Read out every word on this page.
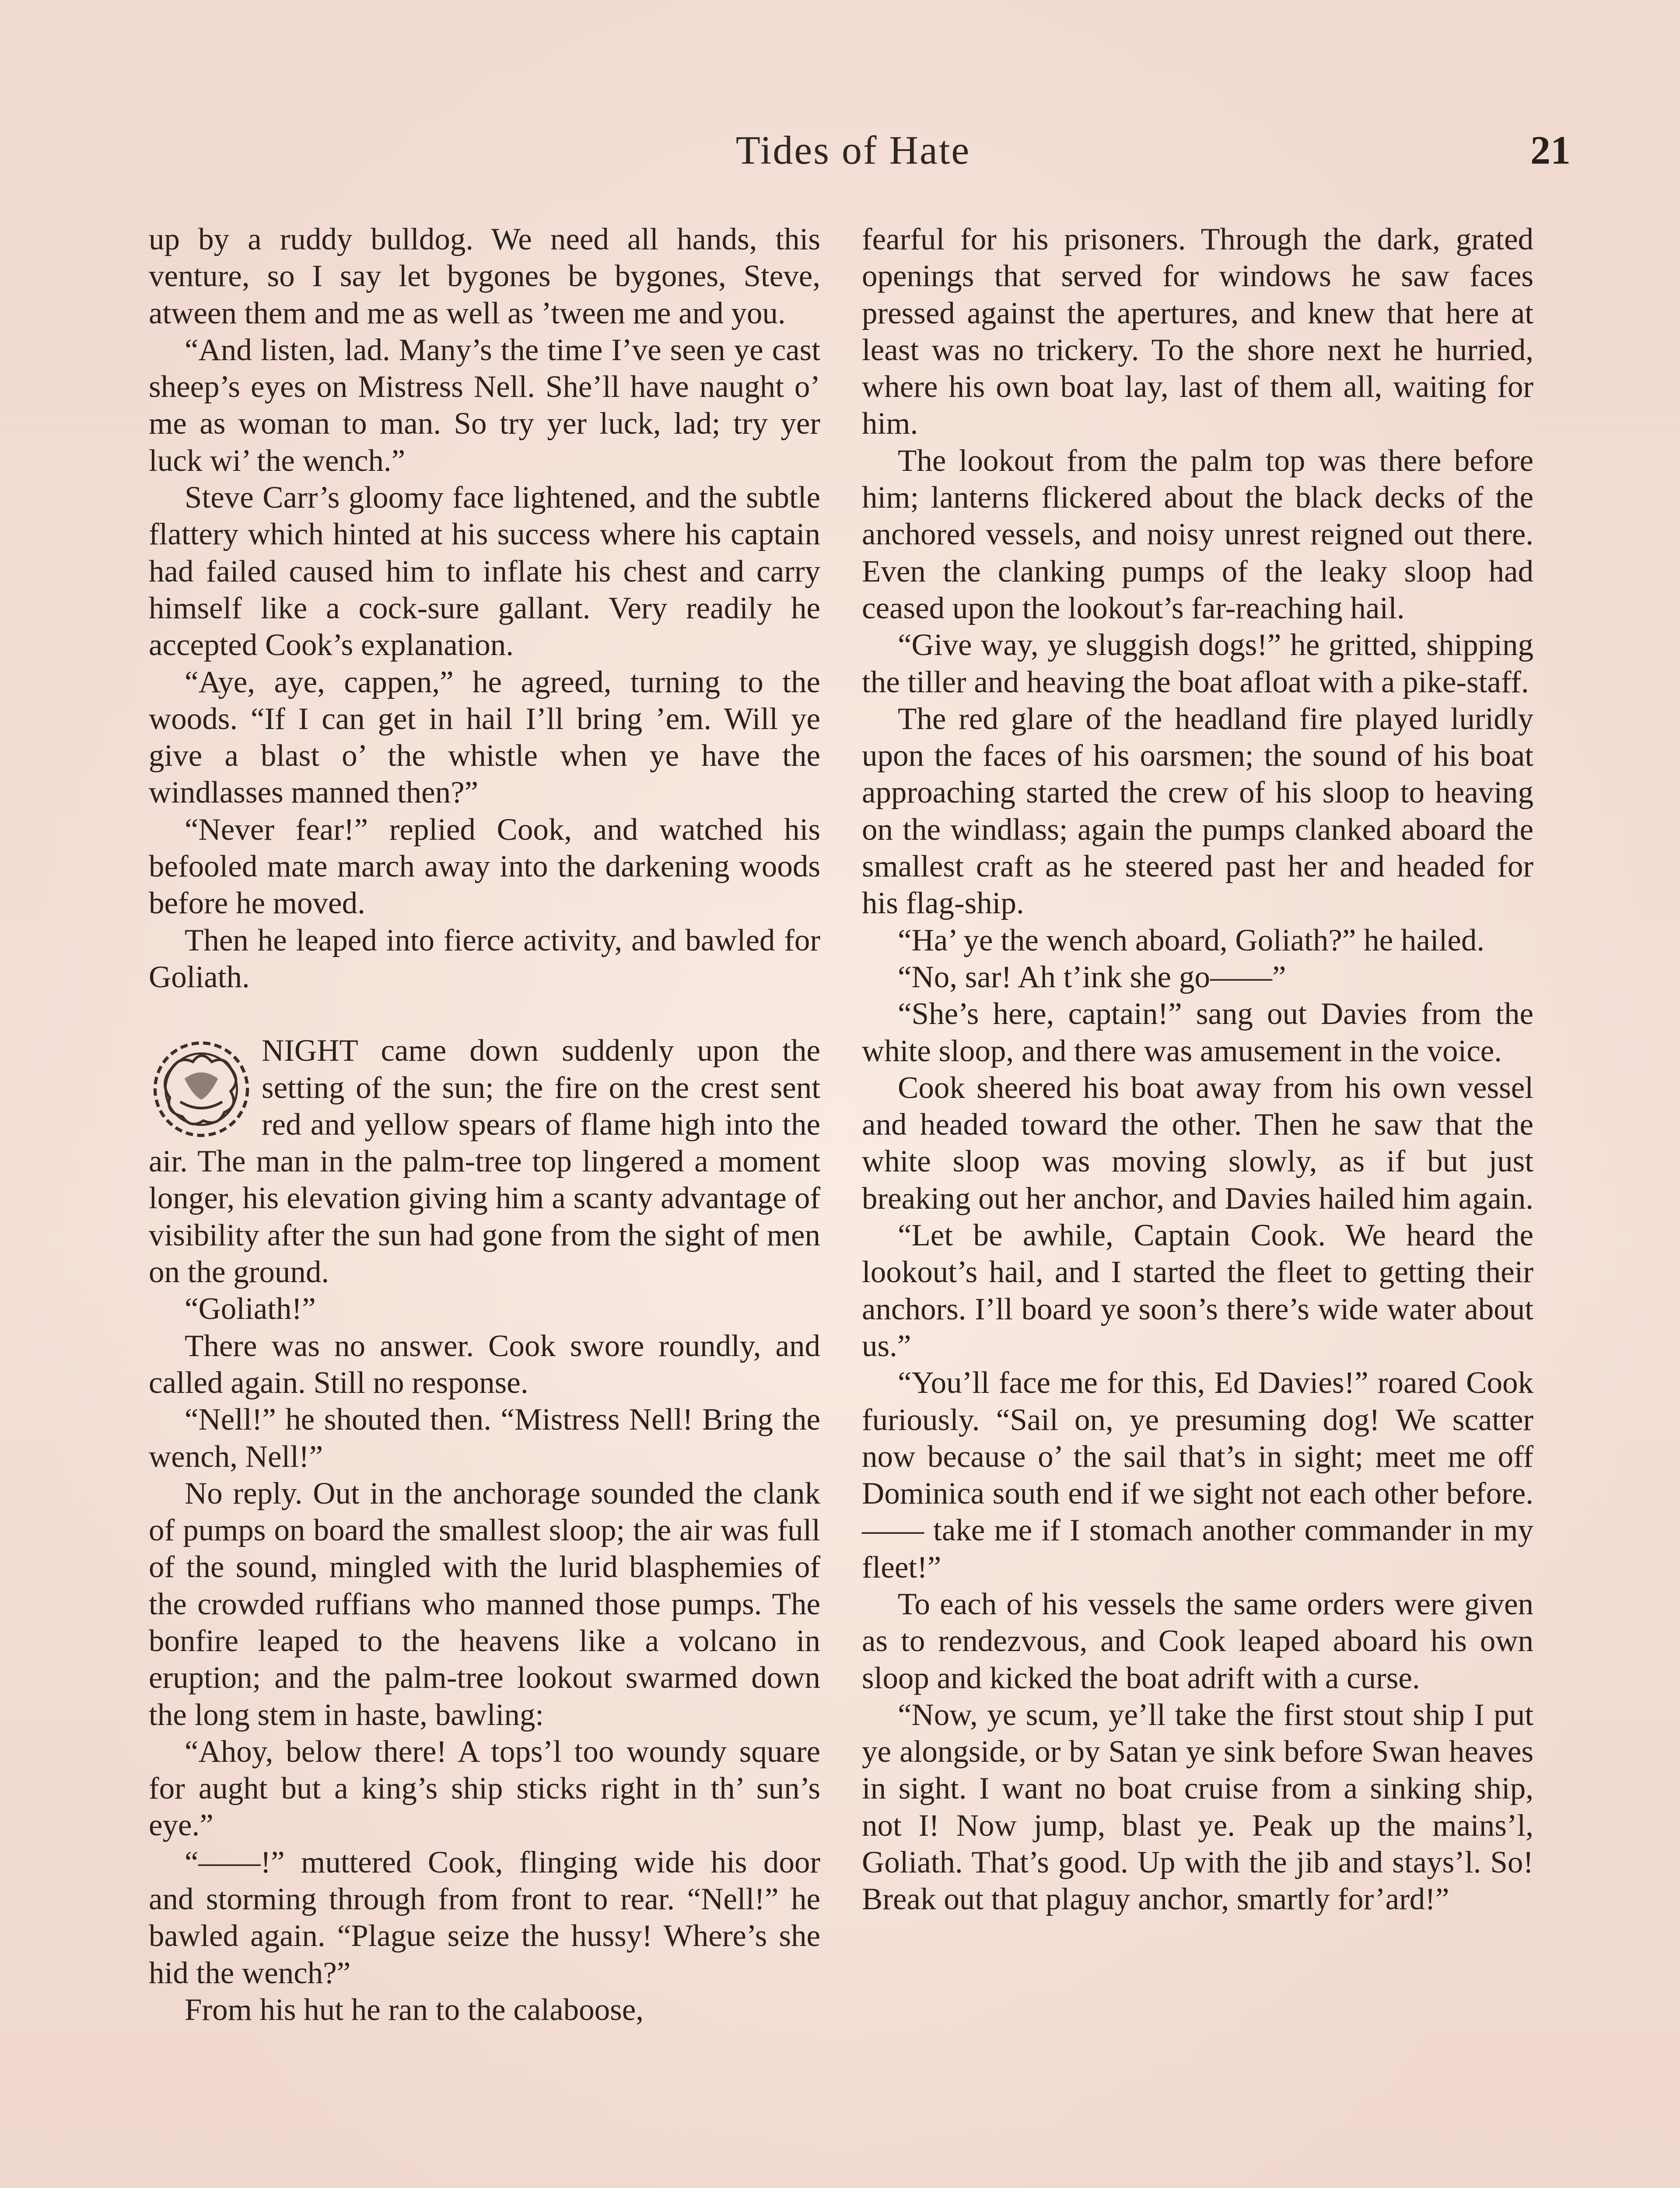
Tides of Hate	21

up by a ruddy bulldog. We need all hands, this venture, so I say let bygones be bygones, Steve, atween them and me as well as ’tween me and you.

“And listen, lad. Many’s the time I’ve seen ye cast sheep’s eyes on Mistress Nell. She’ll have naught o’ me as woman to man. So try yer luck, lad; try yer luck wi’ the wench.”

Steve Carr’s gloomy face lightened, and the subtle flattery which hinted at his success where his captain had failed caused him to inflate his chest and carry himself like a cock-sure gallant. Very readily he accepted Cook’s explanation.

“Aye, aye, cappen,” he agreed, turning to the woods. “If I can get in hail I’ll bring ’em. Will ye give a blast o’ the whistle when ye have the windlasses manned then?”

“Never fear!” replied Cook, and watched his befooled mate march away into the darkening woods before he moved.

Then he leaped into fierce activity, and bawled for Goliath.

NIGHT came down suddenly upon the setting of the sun; the fire on the crest sent red and yellow spears of flame high into the air. The man in the palm-tree top lingered a moment longer, his elevation giving him a scanty advantage of visibility after the sun had gone from the sight of men on the ground.

“Goliath!”

There was no answer. Cook swore roundly, and called again. Still no response.

“Nell!” he shouted then. “Mistress Nell! Bring the wench, Nell!”

No reply. Out in the anchorage sounded the clank of pumps on board the smallest sloop; the air was full of the sound, mingled with the lurid blasphemies of the crowded ruffians who manned those pumps. The bonfire leaped to the heavens like a volcano in eruption; and the palm-tree lookout swarmed down the long stem in haste, bawling:

“Ahoy, below there! A tops’l too woundy square for aught but a king’s ship sticks right in th’ sun’s eye.”

“——!” muttered Cook, flinging wide his door and storming through from front to rear. “Nell!” he bawled again. “Plague seize the hussy! Where’s she hid the wench?”

From his hut he ran to the calaboose,

fearful for his prisoners. Through the dark, grated openings that served for windows he saw faces pressed against the apertures, and knew that here at least was no trickery. To the shore next he hurried, where his own boat lay, last of them all, waiting for him.

The lookout from the palm top was there before him; lanterns flickered about the black decks of the anchored vessels, and noisy unrest reigned out there. Even the clanking pumps of the leaky sloop had ceased upon the lookout’s far-reaching hail.

“Give way, ye sluggish dogs!” he gritted, shipping the tiller and heaving the boat afloat with a pike-staff.

The red glare of the headland fire played luridly upon the faces of his oarsmen; the sound of his boat approaching started the crew of his sloop to heaving on the windlass; again the pumps clanked aboard the smallest craft as he steered past her and headed for his flag-ship.

“Ha’ ye the wench aboard, Goliath?” he hailed.

“No, sar! Ah t’ink she go——”

“She’s here, captain!” sang out Davies from the white sloop, and there was amusement in the voice.

Cook sheered his boat away from his own vessel and headed toward the other. Then he saw that the white sloop was moving slowly, as if but just breaking out her anchor, and Davies hailed him again.

“Let be awhile, Captain Cook. We heard the lookout’s hail, and I started the fleet to getting their anchors. I’ll board ye soon’s there’s wide water about us.”

“You’ll face me for this, Ed Davies!” roared Cook furiously. “Sail on, ye presuming dog! We scatter now because o’ the sail that’s in sight; meet me off Dominica south end if we sight not each other before. —— take me if I stomach another commander in my fleet!”

To each of his vessels the same orders were given as to rendezvous, and Cook leaped aboard his own sloop and kicked the boat adrift with a curse.

“Now, ye scum, ye’ll take the first stout ship I put ye alongside, or by Satan ye sink before Swan heaves in sight. I want no boat cruise from a sinking ship, not I! Now jump, blast ye. Peak up the mains’l, Goliath. That’s good. Up with the jib and stays’l. So! Break out that plaguy anchor, smartly for’ard!”
